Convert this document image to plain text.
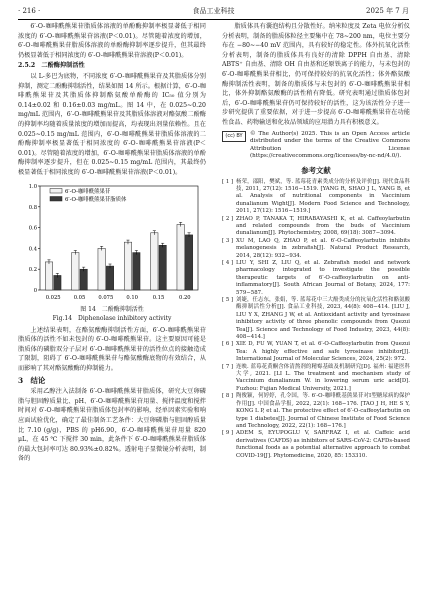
· 216 ·	食品工业科技	2025 年 7 月

6′-O-咖啡酰熊果苷脂质体溶液的单酚酶抑制率极显著低于相同浓度的 6′-O-咖啡酰熊果苷溶液(P＜0.01)。尽管随着浓度的增加，6′-O-咖啡酰熊果苷脂质体溶液的单酚酶抑制率逐步提升，但其最终仍极显著低于相同浓度的 6′-O-咖啡酰熊果苷溶液(P＜0.01)。

2.5.2　二酚酶抑制活性

以 L-多巴为底物，不同浓度 6′-O-咖啡酰熊果苷及其脂质体分别抑制，测定二酚酶抑制活性，结果如图 14 所示。根据计算，6′-O-咖啡酰熊果苷及其脂质体抑制酪氨酸单酚酶的 IC₅₀ 值分别为 0.14±0.02 和 0.16±0.03 mg/mL。图 14 中，在 0.025~0.20 mg/mL 范围内，6′-O-咖啡酰熊果苷及其脂质体溶液对酪氨酸二酚酶的抑制率均随着质量浓度的增加而提高，均表现出剂量依赖性。且在 0.025~0.15 mg/mL 范围内，6′-O-咖啡酰熊果苷脂质体溶液的二酚酶抑制率极显著低于相同浓度的 6′-O-咖啡酰熊果苷溶液(P＜0.01)。尽管随着浓度的增加，6′-O-咖啡酰熊果苷脂质体溶液的单酚酶抑制率逐步提升，但在 0.025~0.15 mg/mL 范围内，其最终仍极显著低于相同浓度的 6′-O-咖啡酰熊果苷溶液(P＜0.01)。

0
0.2
0.4
0.6
0.8
1.0
0.025	0.05	0.075	0.10	0.15	0.20
6′-O-咖啡酰熊果苷
6′-O-咖啡酰熊果苷脂质体

图 14　二酚酶抑制活性
Fig.14　Diphenolase inhibitory activity

上述结果表明，在酪氨酸酶抑制活性方面，6′-O-咖啡酰熊果苷脂质体的活性不如未包封的 6′-O-咖啡酰熊果苷。这主要原因可能是脂质体的磷脂双分子层对 6′-O-咖啡酰熊果苷的活性位点的接触造成了限制，阻碍了 6′-O-咖啡酰熊果苷与酪氨酸酶底物的有效结合，从而影响了其对酪氨酸酶的抑制能力。

3　结论

采用乙醇注入法制备 6′-O-咖啡酰熊果苷脂质体，研究大豆卵磷脂与胆固醇质量比、pH、6′-O-咖啡酰熊果苷用量、搅拌温度和搅拌时间对 6′-O-咖啡酰熊果苷脂质体包封率的影响，经单因素实验和响应面试验优化，确定了最佳制备工艺条件：大豆卵磷脂与胆固醇质量比 7.10 (g/g)，PBS 的 pH6.90，6′-O-咖啡酰熊果苷用量 820 μL，在 45 ℃ 下搅拌 30 min，此条件下 6′-O-咖啡酰熊果苷脂质体的最大包封率可达 80.93%±0.82%。透射电子显微镜分析表明，制备的

脂质体具有囊泡结构且分散性好。纳米粒度及 Zeta 电位分析仪分析表明，制备的脂质体粒径主要集中在 78~200 nm，电位主要分布在 −80~−40 mV 范围内，具有较好的稳定性。体外抗氧化活性分析表明，制备的脂质体具有良好的清除 DPPH 自由基、清除 ABTS⁺ 自由基、清除 OH 自由基和还原铁离子的能力，与未包封的 6′-O-咖啡酰熊果苷相比，仍可保持较好的抗氧化活性；体外酪氨酸酶抑制活性表明，制备的脂质体与未包封的 6′-O-咖啡酰熊果苷相比，体外抑制酪氨酸酶的活性稍有降低。研究表明通过脂质体包封后，6′-O-咖啡酰熊果苷仍可保持较好的活性，这为该活性分子进一步研究提供了重要依据，对于进一步提高 6′-O-咖啡酰熊果苷在功能性食品、药物输送和化妆品领域的应用潜力具有积极意义。

(cc) BY	© The Author(s) 2025. This is an Open Access article distributed under the terms of the Creative Commons Attribution License (https://creativecommons.org/licenses/by-nc-nd/4.0/).
参考文献
[ 1 ] 杨荣，邵阳，樊斌，等. 蓝莓花青素类成分的分析及评价[J]. 现代食品科技, 2011, 27(12): 1516−1519. [YANG R, SHAO J L, YANG B, et al. Analysis of nutritional components in Vaccinium dunalianum Wight[J]. Modern Food Science and Technology, 2011, 27(12): 1516−1519.]
[ 2 ] ZHAO P, TANAKA T, HIRABAYASHI K, et al. Caffeoylarbutin and related compounds from the buds of Vaccinium dunalianum[J]. Phytochemistry, 2008, 69(18): 3087−3094.
[ 3 ] XU M, LAO Q, ZHAO P, et al. 6′-O-Caffeoylarbutin inhibits melanogenesis in zebrafish[J]. Natural Product Research, 2014, 28(12): 932−934.
[ 4 ] LIU Y, SHI Z, LIU Q, et al. Zebrafish model and network pharmacology integrated to investigate the possible therapeutic targets of 6′-O-caffeoylarbutin on anti-inflammatory[J]. South African Journal of Botany, 2024, 177: 579−587.
[ 5 ] 刘婕，任志东，张娟，等. 蓝莓花中三大酚类成分的抗氧化活性和酪氨酸酶抑制活性分析[J]. 食品工业科技, 2023, 44(8): 408−414. [LIU J, LIU Y X, ZHANG J W, et al. Antioxidant activity and tyrosinase inhibitory activity of three phenolic compounds from Quezui Tea[J]. Science and Technology of Food Industry, 2023, 44(8): 408−414.]
[ 6 ] XIE D, FU W, YUAN T, et al. 6′-O-Caffeoylarbutin from Quezui Tea: A highly effective and safe tyrosinase inhibitor[J]. International Journal of Molecular Sciences, 2024, 25(2): 972.
[ 7 ] 连映. 蓝莓花黄酮含体清熬剂的精霉基础及机制研究[D]. 福州: 福建医科大学, 2021. [LI L. The treatment and mechanism study of Vaccinium dunalianum W. in lowering serum uric acid[D]. Fuzhou: Fujian Medical University, 2021.]
[ 8 ] 陶俊颖，何婷婷，孔令国，等. 6′-O-咖啡酰基熊果苷对Ⅰ型糖尿病的保护作用[J]. 中国食品学报, 2022, 22(1): 168−176. [TAO J H, HE S Y, KONG L P, et al. The protective effect of 6′-O-caffeoylarbutin on type 1 diabetes[J]. Journal of Chinese Institute of Food Science and Technology, 2022, 22(1): 168−176.]
[ 9 ] ADEM S, EYUPOGLU V, SARFRAZ I, et al. Caffeic acid derivatives (CAFDS) as inhibitors of SARS-CoV-2: CAFDs-based functional foods as a potential alternative approach to combat COVID-19[J]. Phytomedicine, 2020, 85: 153310.
